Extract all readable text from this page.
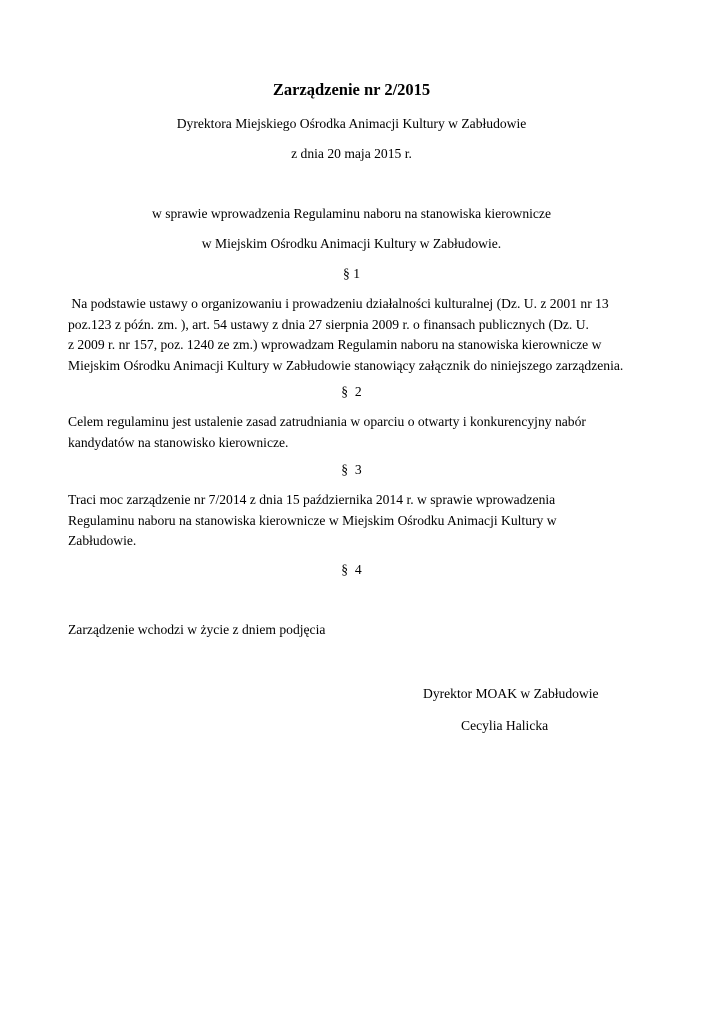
Zarządzenie nr 2/2015

Dyrektora Miejskiego Ośrodka Animacji Kultury w Zabłudowie

z dnia 20 maja 2015 r.

w sprawie wprowadzenia Regulaminu naboru na stanowiska kierownicze

w Miejskim Ośrodku Animacji Kultury w Zabłudowie.

§ 1

Na podstawie ustawy o organizowaniu i prowadzeniu działalności kulturalnej (Dz. U. z 2001 nr 13
poz.123 z późn. zm. ), art. 54 ustawy z dnia 27 sierpnia 2009 r. o finansach publicznych (Dz. U.
z 2009 r. nr 157, poz. 1240 ze zm.) wprowadzam Regulamin naboru na stanowiska kierownicze w
Miejskim Ośrodku Animacji Kultury w Zabłudowie stanowiący załącznik do niniejszego zarządzenia.

§  2

Celem regulaminu jest ustalenie zasad zatrudniania w oparciu o otwarty i konkurencyjny nabór
kandydatów na stanowisko kierownicze.

§  3

Traci moc zarządzenie nr 7/2014 z dnia 15 października 2014 r. w sprawie wprowadzenia
Regulaminu naboru na stanowiska kierownicze w Miejskim Ośrodku Animacji Kultury w
Zabłudowie.

§  4

Zarządzenie wchodzi w życie z dniem podjęcia

Dyrektor MOAK w Zabłudowie

Cecylia Halicka
